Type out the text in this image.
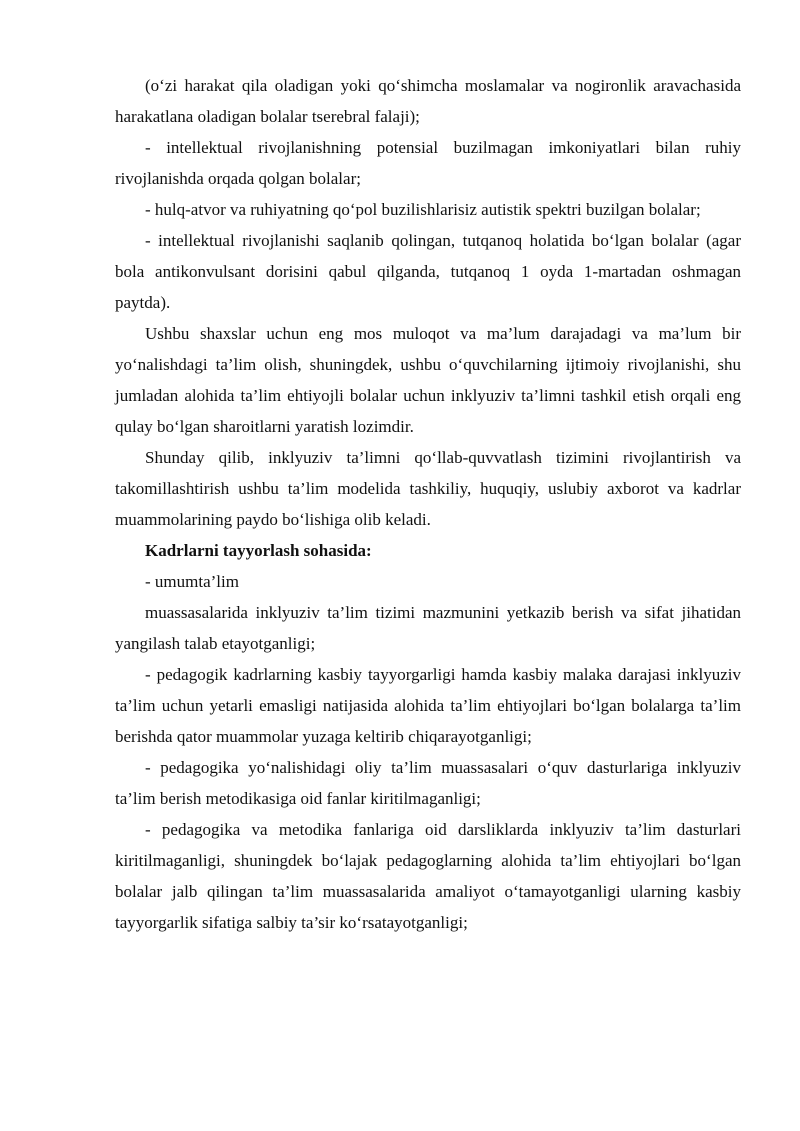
(o‘zi harakat qila oladigan yoki qo‘shimcha moslamalar va nogironlik aravachasida harakatlana oladigan bolalar tserebral falaji);

- intellektual rivojlanishning potensial buzilmagan imkoniyatlari bilan ruhiy rivojlanishda orqada qolgan bolalar;

- hulq-atvor va ruhiyatning qo‘pol buzilishlarisiz autistik spektri buzilgan bolalar;

- intellektual rivojlanishi saqlanib qolingan, tutqanoq holatida bo‘lgan bolalar (agar bola antikonvulsant dorisini qabul qilganda, tutqanoq 1 oyda 1-martadan oshmagan paytda).

Ushbu shaxslar uchun eng mos muloqot va ma’lum darajadagi va ma’lum bir yo‘nalishdagi ta’lim olish, shuningdek, ushbu o‘quvchilarning ijtimoiy rivojlanishi, shu jumladan alohida ta’lim ehtiyojli bolalar uchun inklyuziv ta’limni tashkil etish orqali eng qulay bo‘lgan sharoitlarni yaratish lozimdir.

Shunday qilib, inklyuziv ta’limni qo‘llab-quvvatlash tizimini rivojlantirish va takomillashtirish ushbu ta’lim modelida tashkiliy, huquqiy, uslubiy axborot va kadrlar muammolarining paydo bo‘lishiga olib keladi.

Kadrlarni tayyorlash sohasida:

- umumta’lim

muassasalarida inklyuziv ta’lim tizimi mazmunini yetkazib berish va sifat jihatidan yangilash talab etayotganligi;

- pedagogik kadrlarning kasbiy tayyorgarligi hamda kasbiy malaka darajasi inklyuziv ta’lim uchun yetarli emasligi natijasida alohida ta’lim ehtiyojlari bo‘lgan bolalarga ta’lim berishda qator muammolar yuzaga keltirib chiqarayotganligi;

- pedagogika yo‘nalishidagi oliy ta’lim muassasalari o‘quv dasturlariga inklyuziv ta’lim berish metodikasiga oid fanlar kiritilmaganligi;

- pedagogika va metodika fanlariga oid darsliklarda inklyuziv ta’lim dasturlari kiritilmaganligi, shuningdek bo‘lajak pedagoglarning alohida ta’lim ehtiyojlari bo‘lgan bolalar jalb qilingan ta’lim muassasalarida amaliyot o‘tamayotganligi ularning kasbiy tayyorgarlik sifatiga salbiy ta’sir ko‘rsatayotganligi;
